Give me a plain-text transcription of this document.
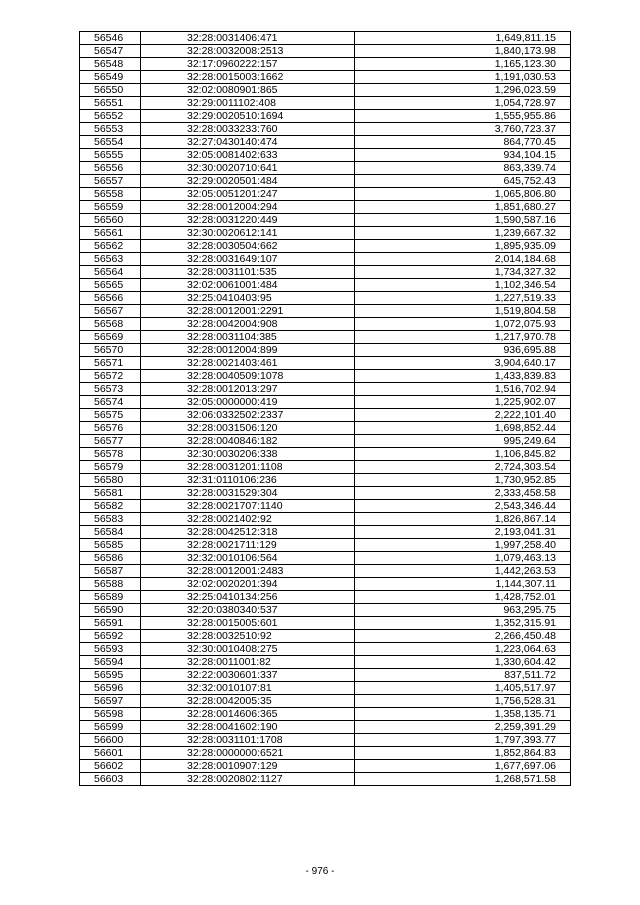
56546	32:28:0031406:471	1,649,811.15
56547	32:28:0032008:2513	1,840,173.98
56548	32:17:0960222:157	1,165,123.30
56549	32:28:0015003:1662	1,191,030.53
56550	32:02:0080901:865	1,296,023.59
56551	32:29:0011102:408	1,054,728.97
56552	32:29:0020510:1694	1,555,955.86
56553	32:28:0033233:760	3,760,723.37
56554	32:27:0430140:474	864,770.45
56555	32:05:0081402:633	934,104.15
56556	32:30:0020710:641	863,339.74
56557	32:29:0020501:484	645,752.43
56558	32:05:0051201:247	1,065,806.80
56559	32:28:0012004:294	1,851,680.27
56560	32:28:0031220:449	1,590,587.16
56561	32:30:0020612:141	1,239,667.32
56562	32:28:0030504:662	1,895,935.09
56563	32:28:0031649:107	2,014,184.68
56564	32:28:0031101:535	1,734,327.32
56565	32:02:0061001:484	1,102,346.54
56566	32:25:0410403:95	1,227,519.33
56567	32:28:0012001:2291	1,519,804.58
56568	32:28:0042004:908	1,072,075.93
56569	32:28:0031104:385	1,217,970.78
56570	32:28:0012004:899	936,695.88
56571	32:28:0021403:461	3,904,640.17
56572	32:28:0040509:1078	1,433,839.83
56573	32:28:0012013:297	1,516,702.94
56574	32:05:0000000:419	1,225,902.07
56575	32:06:0332502:2337	2,222,101.40
56576	32:28:0031506:120	1,698,852.44
56577	32:28:0040846:182	995,249.64
56578	32:30:0030206:338	1,106,845.82
56579	32:28:0031201:1108	2,724,303.54
56580	32:31:0110106:236	1,730,952.85
56581	32:28:0031529:304	2,333,458.58
56582	32:28:0021707:1140	2,543,346.44
56583	32:28:0021402:92	1,826,867.14
56584	32:28:0042512:318	2,193,041.31
56585	32:28:0021711:129	1,997,258.40
56586	32:32:0010106:564	1,079,463.13
56587	32:28:0012001:2483	1,442,263.53
56588	32:02:0020201:394	1,144,307.11
56589	32:25:0410134:256	1,428,752.01
56590	32:20:0380340:537	963,295.75
56591	32:28:0015005:601	1,352,315.91
56592	32:28:0032510:92	2,266,450.48
56593	32:30:0010408:275	1,223,064.63
56594	32:28:0011001:82	1,330,604.42
56595	32:22:0030601:337	837,511.72
56596	32:32:0010107:81	1,405,517.97
56597	32:28:0042005:35	1,756,528.31
56598	32:28:0014606:365	1,358,135.71
56599	32:28:0041602:190	2,259,391.29
56600	32:28:0031101:1708	1,797,393.77
56601	32:28:0000000:6521	1,852,864.83
56602	32:28:0010907:129	1,677,697.06
56603	32:28:0020802:1127	1,268,571.58
- 976 -
